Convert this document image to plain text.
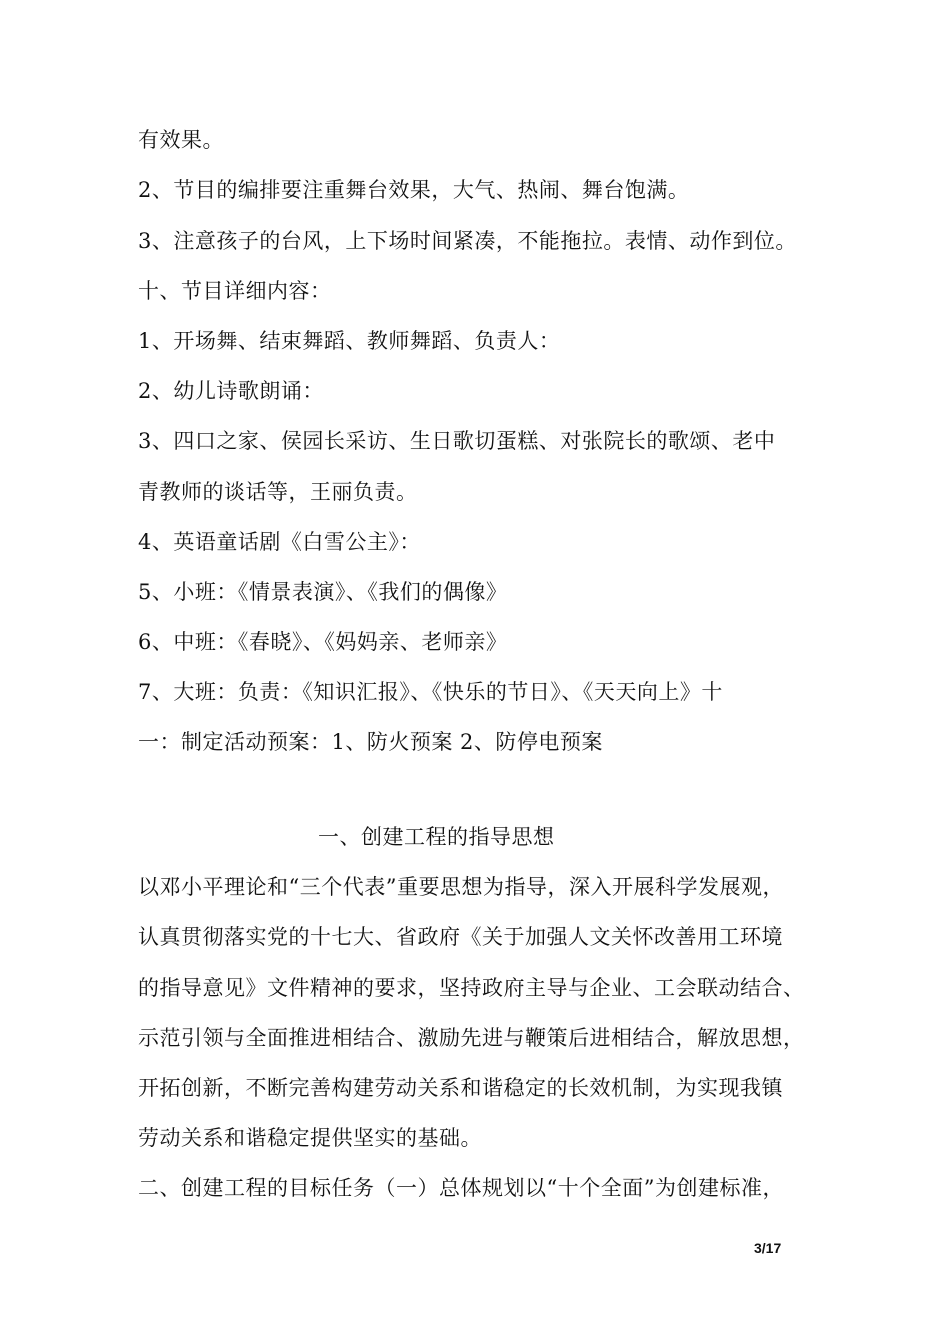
有效果。
2、节目的编排要注重舞台效果，大气、热闹、舞台饱满。
3、注意孩子的台风，上下场时间紧凑，不能拖拉。表情、动作到位。
十、节目详细内容：
1、开场舞、结束舞蹈、教师舞蹈、负责人：
2、幼儿诗歌朗诵：
3、四口之家、侯园长采访、生日歌切蛋糕、对张院长的歌颂、老中
青教师的谈话等，王丽负责。
4、英语童话剧《白雪公主》：
5、小班：《情景表演》、《我们的偶像》
6、中班：《春晓》、《妈妈亲、老师亲》
7、大班：负责：《知识汇报》、《快乐的节日》、《天天向上》十
一：制定活动预案：1、防火预案 2、防停电预案
一、创建工程的指导思想
以邓小平理论和“三个代表”重要思想为指导，深入开展科学发展观，
认真贯彻落实党的十七大、省政府《关于加强人文关怀改善用工环境
的指导意见》文件精神的要求，坚持政府主导与企业、工会联动结合、
示范引领与全面推进相结合、激励先进与鞭策后进相结合，解放思想，
开拓创新，不断完善构建劳动关系和谐稳定的长效机制，为实现我镇
劳动关系和谐稳定提供坚实的基础。
二、创建工程的目标任务（一）总体规划以“十个全面”为创建标准，
3/17
